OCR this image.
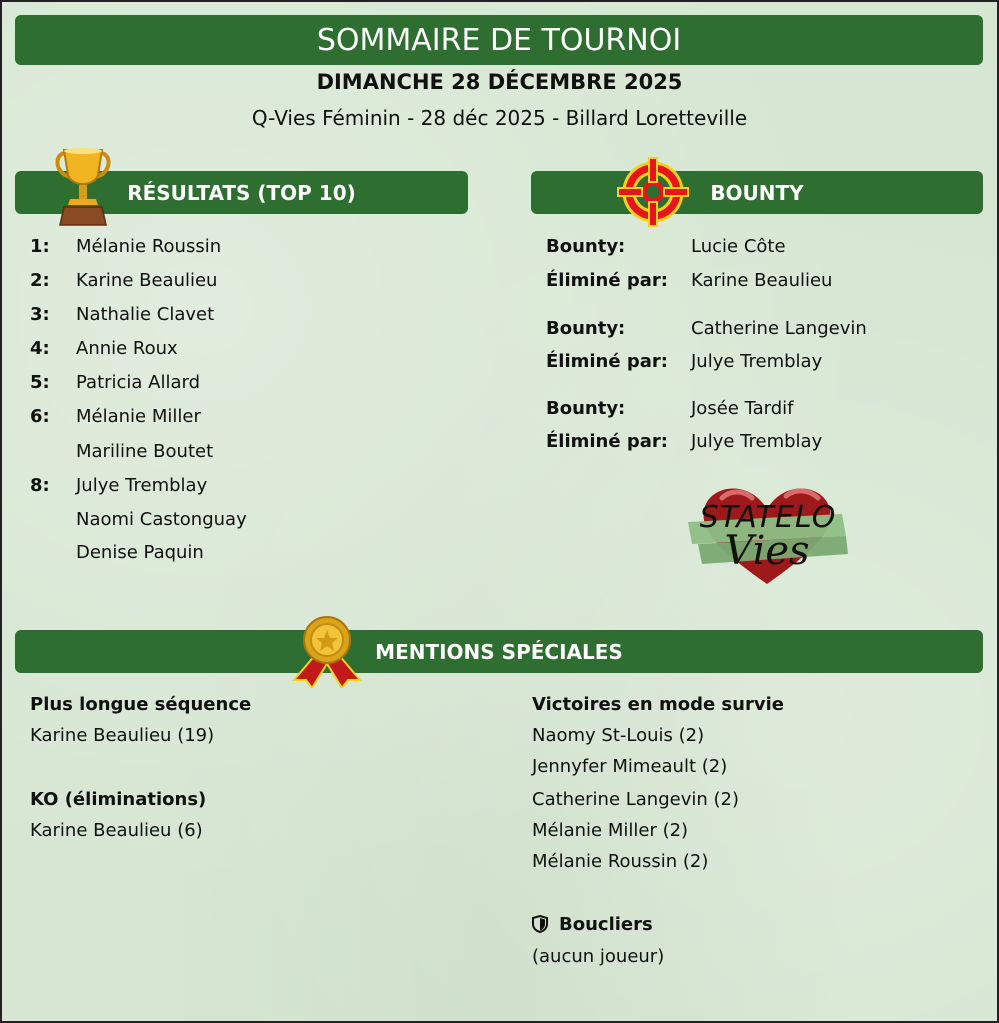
SOMMAIRE DE TOURNOI
DIMANCHE 28 DÉCEMBRE 2025
Q-Vies Féminin - 28 déc 2025 - Billard Loretteville
RÉSULTATS (TOP 10)
1: Mélanie Roussin
2: Karine Beaulieu
3: Nathalie Clavet
4: Annie Roux
5: Patricia Allard
6: Mélanie Miller
Mariline Boutet
8: Julye Tremblay
Naomi Castonguay
Denise Paquin
BOUNTY
Bounty:	Lucie Côte
Éliminé par: Karine Beaulieu
Bounty:	Catherine Langevin
Éliminé par: Julye Tremblay
Bounty:	Josée Tardif
Éliminé par: Julye Tremblay
STATELO
Vies
MENTIONS SPÉCIALES
Plus longue séquence
Karine Beaulieu (19)
KO (éliminations)
Karine Beaulieu (6)
Victoires en mode survie
Naomy St-Louis (2)
Jennyfer Mimeault (2)
Catherine Langevin (2)
Mélanie Miller (2)
Mélanie Roussin (2)
Boucliers
(aucun joueur)
